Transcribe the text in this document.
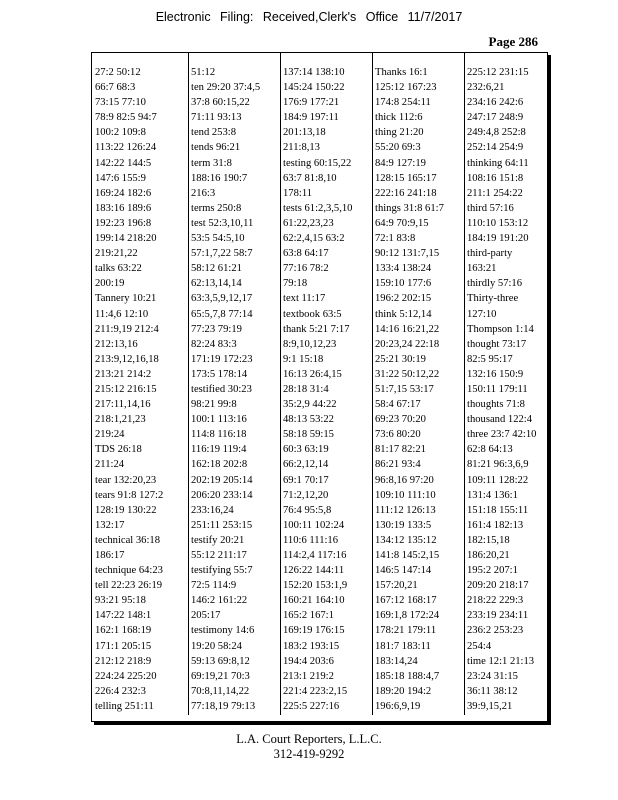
Electronic Filing: Received,Clerk's Office 11/7/2017
Page 286
27:2 50:12
66:7 68:3
73:15 77:10
78:9 82:5 94:7
100:2 109:8
113:22 126:24
142:22 144:5
147:6 155:9
169:24 182:6
183:16 189:6
192:23 196:8
199:14 218:20
219:21,22
talks 63:22
200:19
Tannery 10:21
11:4,6 12:10
211:9,19 212:4
212:13,16
213:9,12,16,18
213:21 214:2
215:12 216:15
217:11,14,16
218:1,21,23
219:24
TDS 26:18
211:24
tear 132:20,23
tears 91:8 127:2
128:19 130:22
132:17
technical 36:18
186:17
technique 64:23
tell 22:23 26:19
93:21 95:18
147:22 148:1
162:1 168:19
171:1 205:15
212:12 218:9
224:24 225:20
226:4 232:3
telling 251:11
51:12
ten 29:20 37:4,5
37:8 60:15,22
71:11 93:13
tend 253:8
tends 96:21
term 31:8
188:16 190:7
216:3
terms 250:8
test 52:3,10,11
53:5 54:5,10
57:1,7,22 58:7
58:12 61:21
62:13,14,14
63:3,5,9,12,17
65:5,7,8 77:14
77:23 79:19
82:24 83:3
171:19 172:23
173:5 178:14
testified 30:23
98:21 99:8
100:1 113:16
114:8 116:18
116:19 119:4
162:18 202:8
202:19 205:14
206:20 233:14
233:16,24
251:11 253:15
testify 20:21
55:12 211:17
testifying 55:7
72:5 114:9
146:2 161:22
205:17
testimony 14:6
19:20 58:24
59:13 69:8,12
69:19,21 70:3
70:8,11,14,22
77:18,19 79:13
137:14 138:10
145:24 150:22
176:9 177:21
184:9 197:11
201:13,18
211:8,13
testing 60:15,22
63:7 81:8,10
178:11
tests 61:2,3,5,10
61:22,23,23
62:2,4,15 63:2
63:8 64:17
77:16 78:2
79:18
text 11:17
textbook 63:5
thank 5:21 7:17
8:9,10,12,23
9:1 15:18
16:13 26:4,15
28:18 31:4
35:2,9 44:22
48:13 53:22
58:18 59:15
60:3 63:19
66:2,12,14
69:1 70:17
71:2,12,20
76:4 95:5,8
100:11 102:24
110:6 111:16
114:2,4 117:16
126:22 144:11
152:20 153:1,9
160:21 164:10
165:2 167:1
169:19 176:15
183:2 193:15
194:4 203:6
213:1 219:2
221:4 223:2,15
225:5 227:16
Thanks 16:1
125:12 167:23
174:8 254:11
thick 112:6
thing 21:20
55:20 69:3
84:9 127:19
128:15 165:17
222:16 241:18
things 31:8 61:7
64:9 70:9,15
72:1 83:8
90:12 131:7,15
133:4 138:24
159:10 177:6
196:2 202:15
think 5:12,14
14:16 16:21,22
20:23,24 22:18
25:21 30:19
31:22 50:12,22
51:7,15 53:17
58:4 67:17
69:23 70:20
73:6 80:20
81:17 82:21
86:21 93:4
96:8,16 97:20
109:10 111:10
111:12 126:13
130:19 133:5
134:12 135:12
141:8 145:2,15
146:5 147:14
157:20,21
167:12 168:17
169:1,8 172:24
178:21 179:11
181:7 183:11
183:14,24
185:18 188:4,7
189:20 194:2
196:6,9,19
225:12 231:15
232:6,21
234:16 242:6
247:17 248:9
249:4,8 252:8
252:14 254:9
thinking 64:11
108:16 151:8
211:1 254:22
third 57:16
110:10 153:12
184:19 191:20
third-party
163:21
thirdly 57:16
Thirty-three
127:10
Thompson 1:14
thought 73:17
82:5 95:17
132:16 150:9
150:11 179:11
thoughts 71:8
thousand 122:4
three 23:7 42:10
62:8 64:13
81:21 96:3,6,9
109:11 128:22
131:4 136:1
151:18 155:11
161:4 182:13
182:15,18
186:20,21
195:2 207:1
209:20 218:17
218:22 229:3
233:19 234:11
236:2 253:23
254:4
time 12:1 21:13
23:24 31:15
36:11 38:12
39:9,15,21
L.A. Court Reporters, L.L.C.
312-419-9292
